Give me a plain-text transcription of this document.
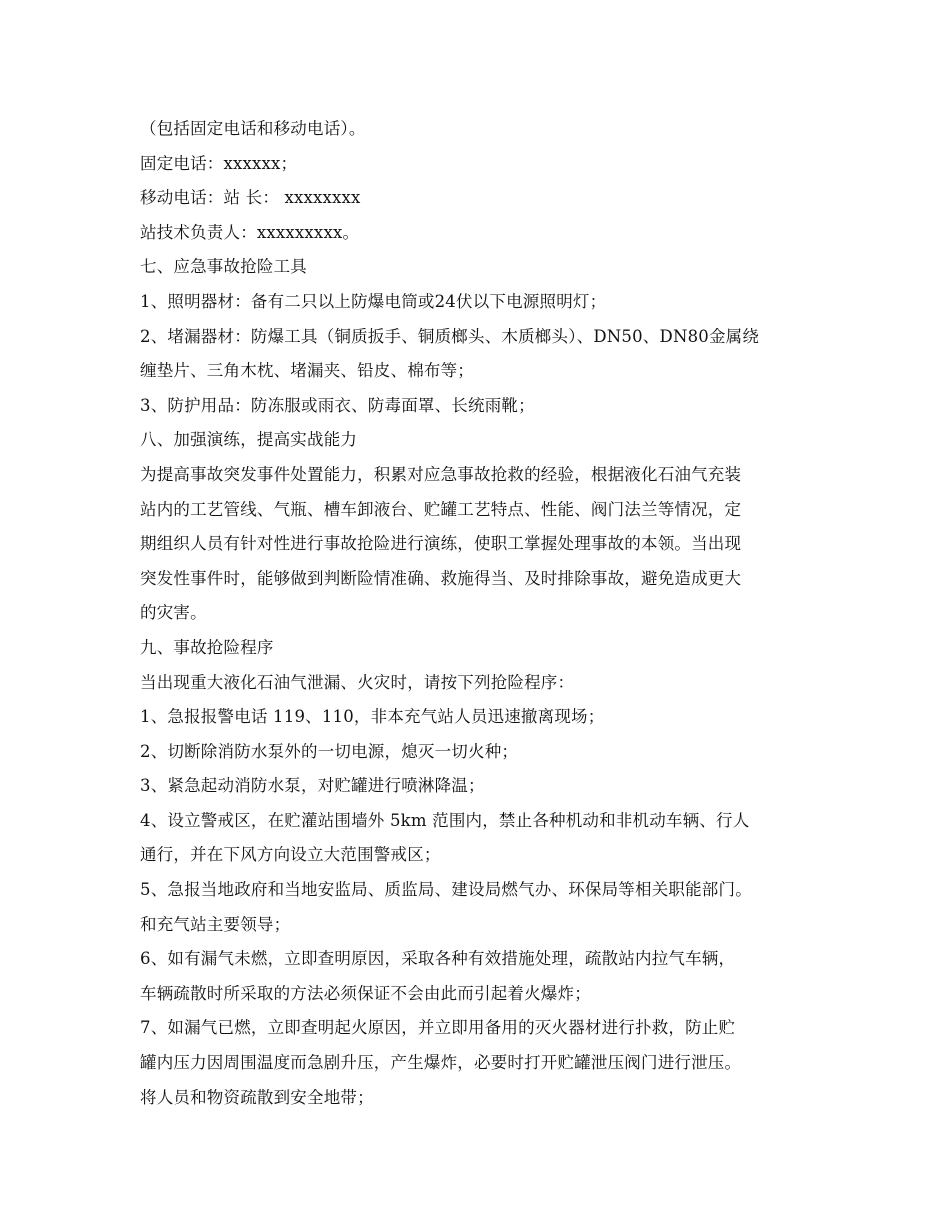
（包括固定电话和移动电话）。
固定电话：xxxxxx；
移动电话：站 长： xxxxxxxx
站技术负责人：xxxxxxxxx。
七、应急事故抢险工具
1、照明器材：备有二只以上防爆电筒或24伏以下电源照明灯；
2、堵漏器材：防爆工具（铜质扳手、铜质榔头、木质榔头）、DN50、DN80金属绕
缠垫片、三角木枕、堵漏夹、铅皮、棉布等；
3、防护用品：防冻服或雨衣、防毒面罩、长统雨靴；
八、加强演练，提高实战能力
为提高事故突发事件处置能力，积累对应急事故抢救的经验，根据液化石油气充装
站内的工艺管线、气瓶、槽车卸液台、贮罐工艺特点、性能、阀门法兰等情况，定
期组织人员有针对性进行事故抢险进行演练，使职工掌握处理事故的本领。当出现
突发性事件时，能够做到判断险情准确、救施得当、及时排除事故，避免造成更大
的灾害。
九、事故抢险程序
当出现重大液化石油气泄漏、火灾时，请按下列抢险程序：
1、急报报警电话 119、110，非本充气站人员迅速撤离现场；
2、切断除消防水泵外的一切电源，熄灭一切火种；
3、紧急起动消防水泵，对贮罐进行喷淋降温；
4、设立警戒区，在贮灌站围墙外 5km 范围内，禁止各种机动和非机动车辆、行人
通行，并在下风方向设立大范围警戒区；
5、急报当地政府和当地安监局、质监局、建设局燃气办、环保局等相关职能部门。
和充气站主要领导；
6、如有漏气未燃，立即查明原因，采取各种有效措施处理，疏散站内拉气车辆，
车辆疏散时所采取的方法必须保证不会由此而引起着火爆炸；
7、如漏气已燃，立即查明起火原因，并立即用备用的灭火器材进行扑救，防止贮
罐内压力因周围温度而急剧升压，产生爆炸，必要时打开贮罐泄压阀门进行泄压。
将人员和物资疏散到安全地带；
